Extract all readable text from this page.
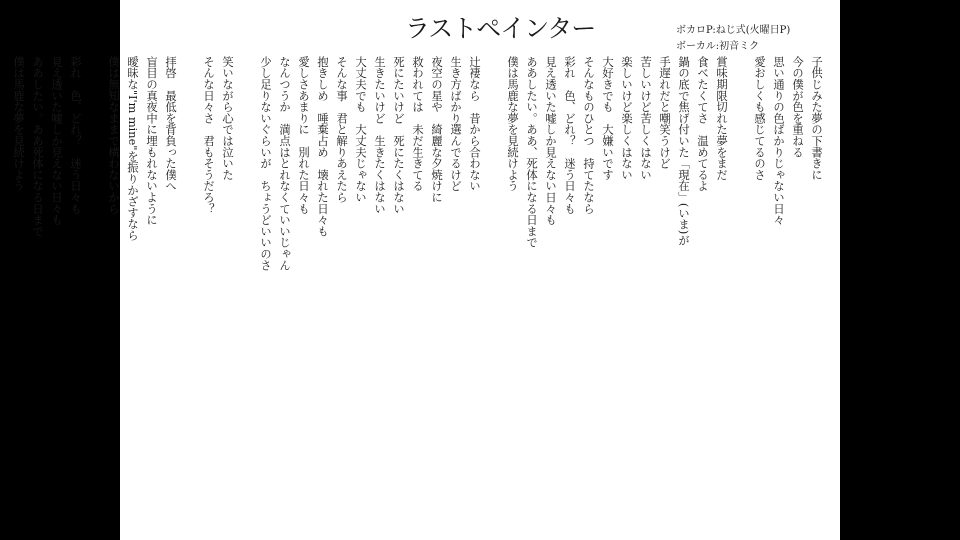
ラストペインター	ボカロP:ねじ式(火曜日P)
ボーカル:初音ミク
子供じみた夢の下書きに
今の僕が色を重ねる
思い通りの色ばかりじゃない日々
愛おしくも感じてるのさ
賞味期限切れた夢をまだ
食べたくてさ　温めてるよ
鍋の底で焦げ付いた「現在」(いま)が
手遅れだと嘲笑うけど
苦しいけど苦しくはない
楽しいけど楽しくはない
大好きでも　大嫌いです
そんなものひとつ　持てたなら
彩れ　色、どれ？　迷う日々も
見え透いた嘘しか見えない日々も
ああしたい。ああ、死体になる日まで
僕は馬鹿な夢を見続けよう
辻褄なら　昔から合わない
生き方ばかり選んでるけど
夜空の星や　綺麗な夕焼けに
救われては　未だ生きてる
死にたいけど　死にたくはない
生きたいけど　生きたくはない
大丈夫でも　大丈夫じゃない
そんな事　君と解りあえたら
抱きしめ　唾棄占め　壊れた日々も
愛しさあまりに　別れた日々も
なんつうか　満点はとれなくていいじゃん
少し足りないぐらいが　ちょうどいいのさ
笑いながら心では泣いた
そんな日々さ　君もそうだろ？
拝啓　最低を背負った僕へ
盲目の真夜中に埋もれないように
曖昧な"I'm mine"を振りかざすなら
僕は無知なままで構わないから
彩れ　色、どれ？　迷う日々も
見え透いた嘘しか見えない日々も
ああしたい。ああ死体になる日まで
僕は馬鹿な夢を見続けよう
